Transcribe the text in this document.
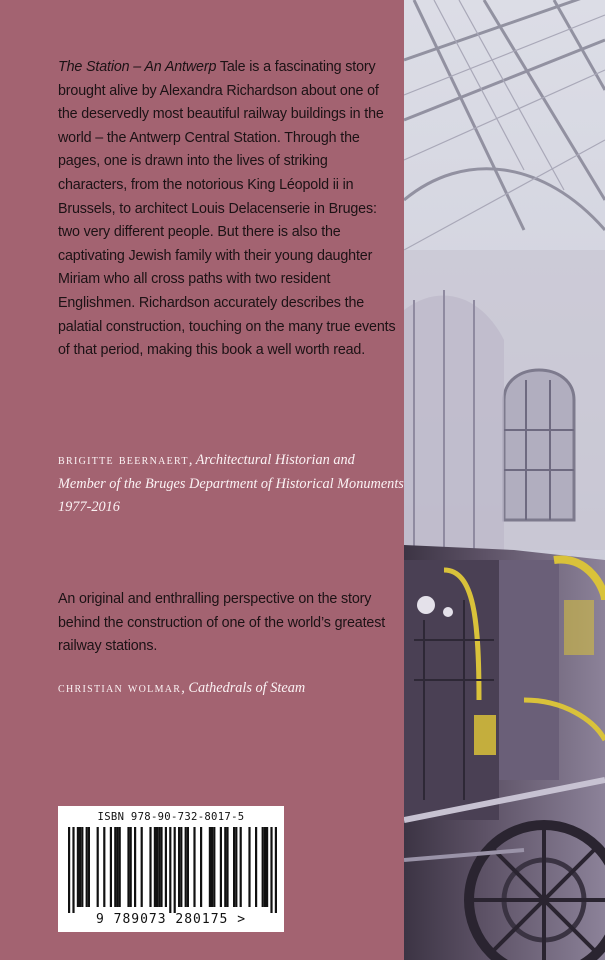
The Station – An Antwerp Tale is a fascinating story brought alive by Alexandra Richardson about one of the deservedly most beautiful railway buildings in the world – the Antwerp Central Station. Through the pages, one is drawn into the lives of striking characters, from the notorious King Léopold ii in Brussels, to architect Louis Delacenserie in Bruges: two very different people. But there is also the captivating Jewish family with their young daughter Miriam who all cross paths with two resident Englishmen. Richardson accurately describes the palatial construction, touching on the many true events of that period, making this book a well worth read.

brigitte beernaert, Architectural Historian and Member of the Bruges Department of Historical Monuments 1977-2016

An original and enthralling perspective on the story behind the construction of one of the world’s greatest railway stations.

christian wolmar, Cathedrals of Steam

ISBN 978-90-732-8017-5
9 789073 280175 >
